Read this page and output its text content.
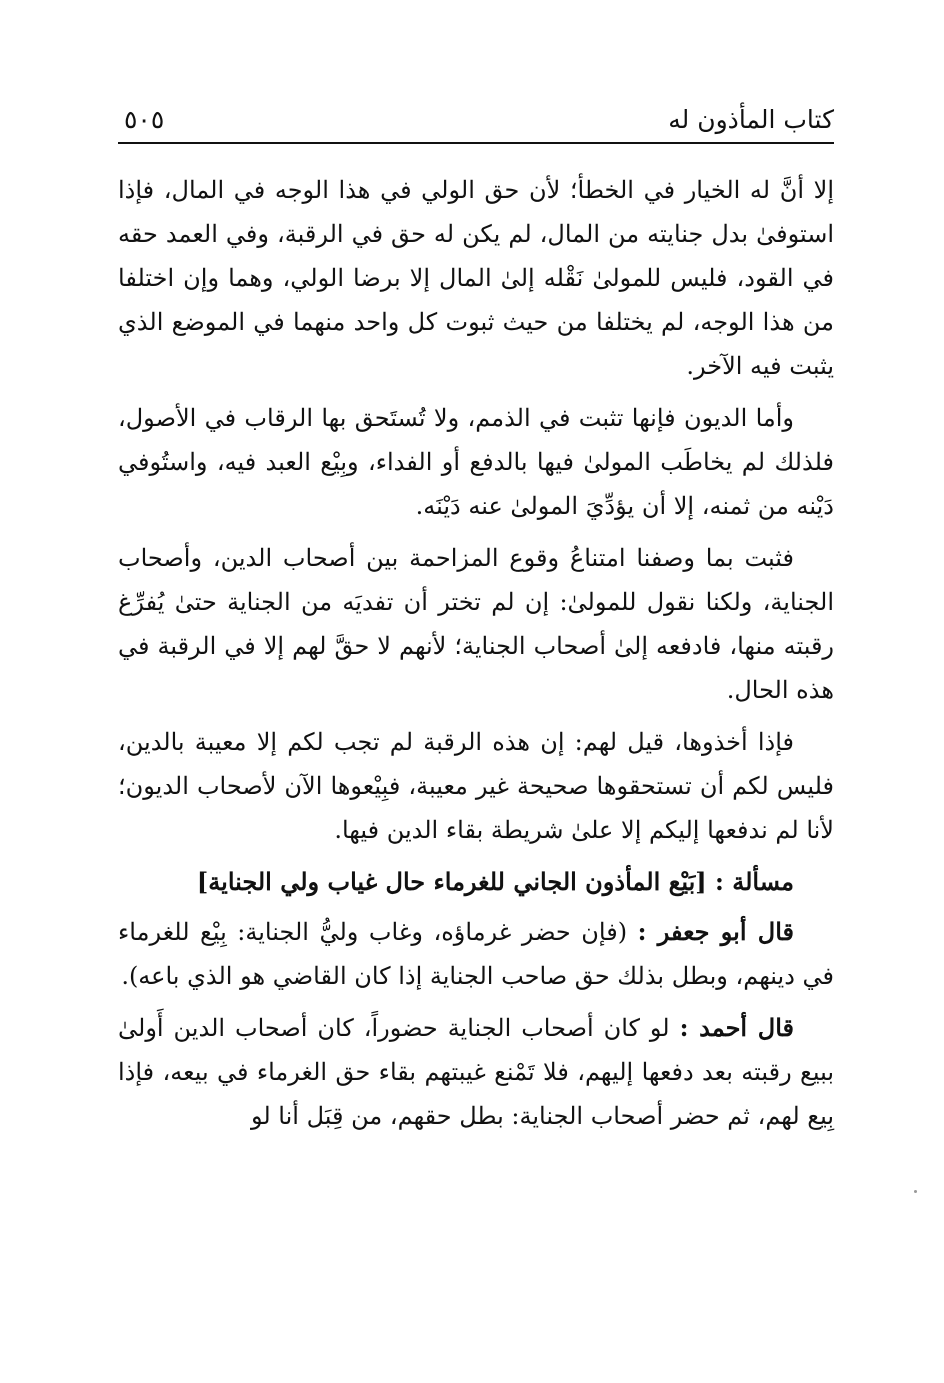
كتاب المأذون له
٥٠٥

إلا أنَّ له الخيار في الخطأ؛ لأن حق الولي في هذا الوجه في المال، فإذا استوفىٰ بدل جنايته من المال، لم يكن له حق في الرقبة، وفي العمد حقه في القود، فليس للمولىٰ نَقْله إلىٰ المال إلا برضا الولي، وهما وإن اختلفا من هذا الوجه، لم يختلفا من حيث ثبوت كل واحد منهما في الموضع الذي يثبت فيه الآخر.

وأما الديون فإنها تثبت في الذمم، ولا تُستَحق بها الرقاب في الأصول، فلذلك لم يخاطَب المولىٰ فيها بالدفع أو الفداء، وبِيْع العبد فيه، واستُوفي دَيْنه من ثمنه، إلا أن يؤدِّيَ المولىٰ عنه دَيْنَه.

فثبت بما وصفنا امتناعُ وقوع المزاحمة بين أصحاب الدين، وأصحاب الجناية، ولكنا نقول للمولىٰ: إن لم تختر أن تفديَه من الجناية حتىٰ يُفرِّغ رقبته منها، فادفعه إلىٰ أصحاب الجناية؛ لأنهم لا حقَّ لهم إلا في الرقبة في هذه الحال.

فإذا أخذوها، قيل لهم: إن هذه الرقبة لم تجب لكم إلا معيبة بالدين، فليس لكم أن تستحقوها صحيحة غير معيبة، فبِيْعوها الآن لأصحاب الديون؛ لأنا لم ندفعها إليكم إلا علىٰ شريطة بقاء الدين فيها.

مسألة : [بَيْع المأذون الجاني للغرماء حال غياب ولي الجناية]

قال أبو جعفر : (فإن حضر غرماؤه، وغاب وليُّ الجناية: بِيْع للغرماء في دينهم، وبطل بذلك حق صاحب الجناية إذا كان القاضي هو الذي باعه).

قال أحمد : لو كان أصحاب الجناية حضوراً، كان أصحاب الدين أَولىٰ ببيع رقبته بعد دفعها إليهم، فلا تَمْنع غيبتهم بقاء حق الغرماء في بيعه، فإذا بِيع لهم، ثم حضر أصحاب الجناية: بطل حقهم، من قِبَل أنا لو
